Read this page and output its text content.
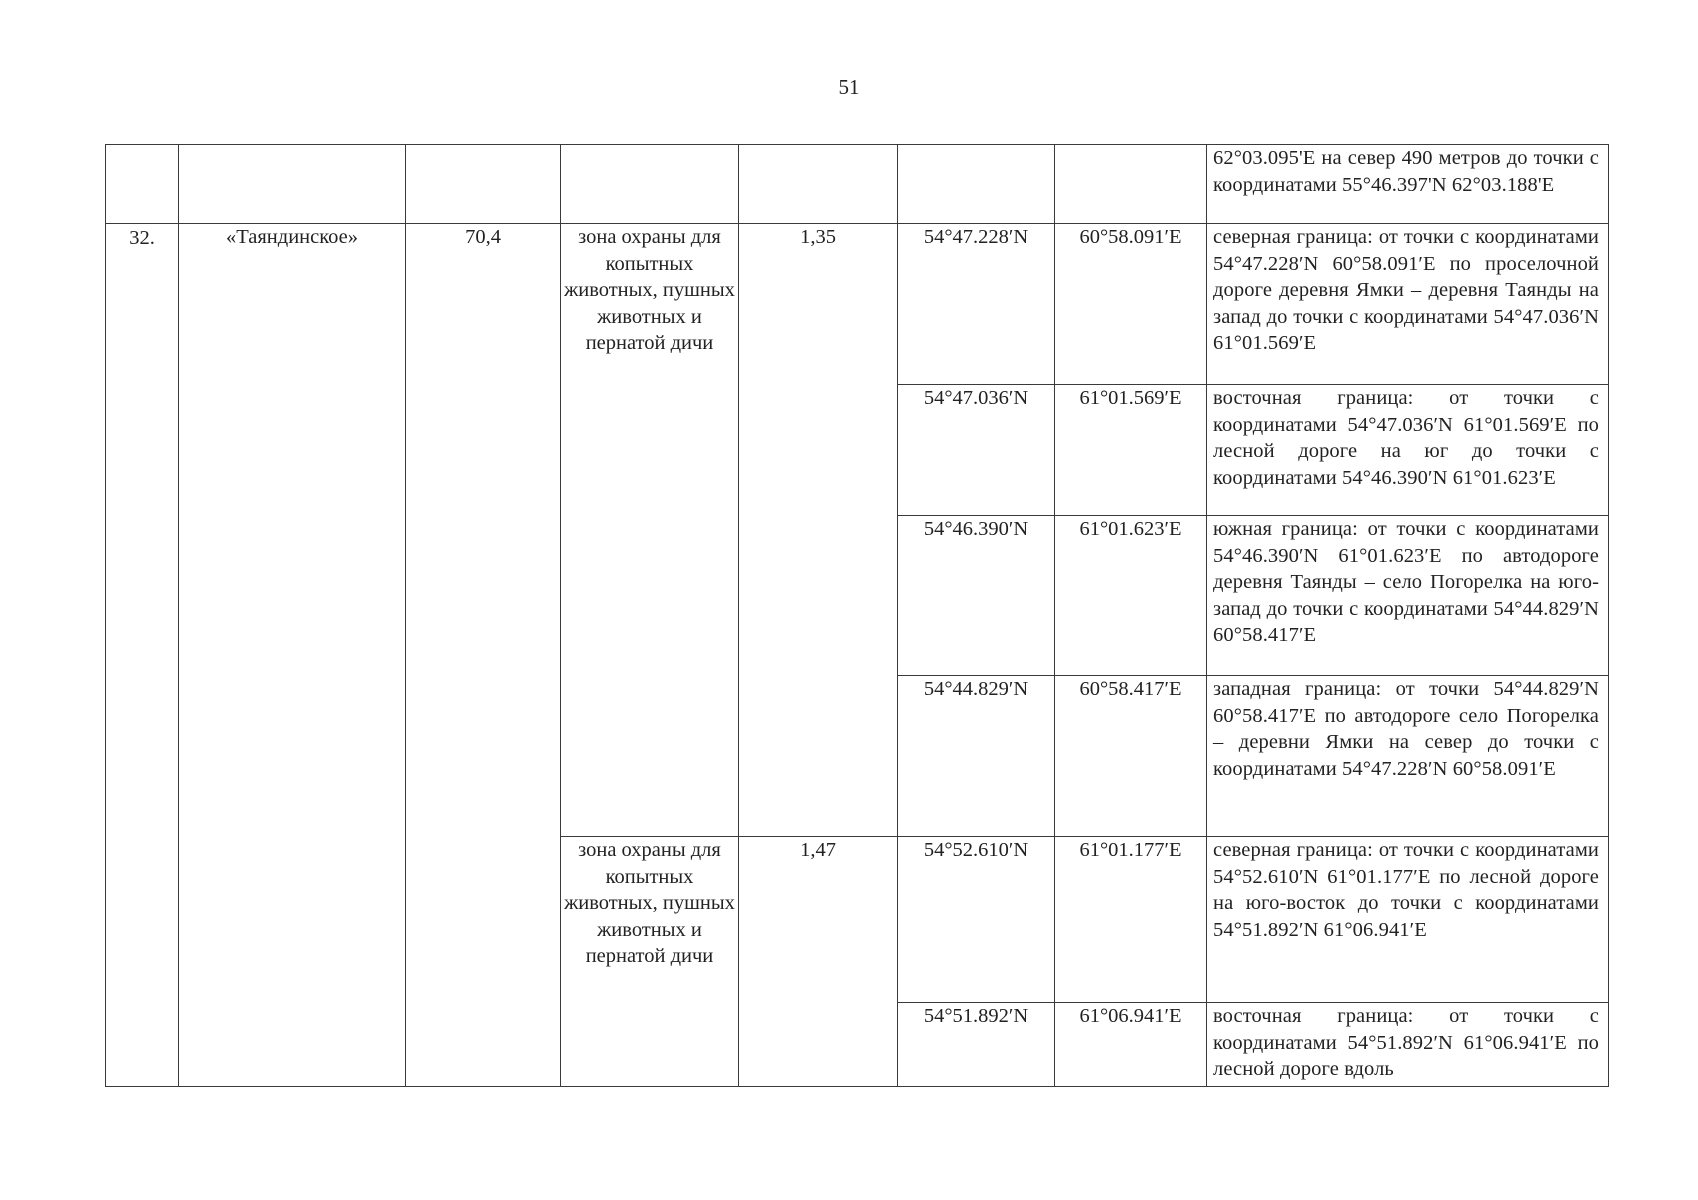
51
							62°03.095'E на север 490 метров до точки с координатами 55°46.397'N 62°03.188'E
32.	«Таяндинское»	70,4	зона охраны для копытных животных, пушных животных и пернатой дичи	1,35	54°47.228′N	60°58.091′E	северная граница: от точки с координатами 54°47.228′N 60°58.091′E по проселочной дороге деревня Ямки – деревня Таянды на запад до точки с координатами 54°47.036′N 61°01.569′E
					54°47.036′N	61°01.569′E	восточная граница: от точки с координатами 54°47.036′N 61°01.569′E по лесной дороге на юг до точки с координатами 54°46.390′N 61°01.623′E
					54°46.390′N	61°01.623′E	южная граница: от точки с координатами 54°46.390′N 61°01.623′E по автодороге деревня Таянды – село Погорелка на юго-запад до точки с координатами 54°44.829′N 60°58.417′E
					54°44.829′N	60°58.417′E	западная граница: от точки 54°44.829′N 60°58.417′E по автодороге село Погорелка – деревни Ямки на север до точки с координатами 54°47.228′N 60°58.091′E
			зона охраны для копытных животных, пушных животных и пернатой дичи	1,47	54°52.610′N	61°01.177′E	северная граница: от точки с координатами 54°52.610′N 61°01.177′E по лесной дороге на юго-восток до точки с координатами 54°51.892′N 61°06.941′E
					54°51.892′N	61°06.941′E	восточная граница: от точки с координатами 54°51.892′N 61°06.941′E по лесной дороге вдоль
